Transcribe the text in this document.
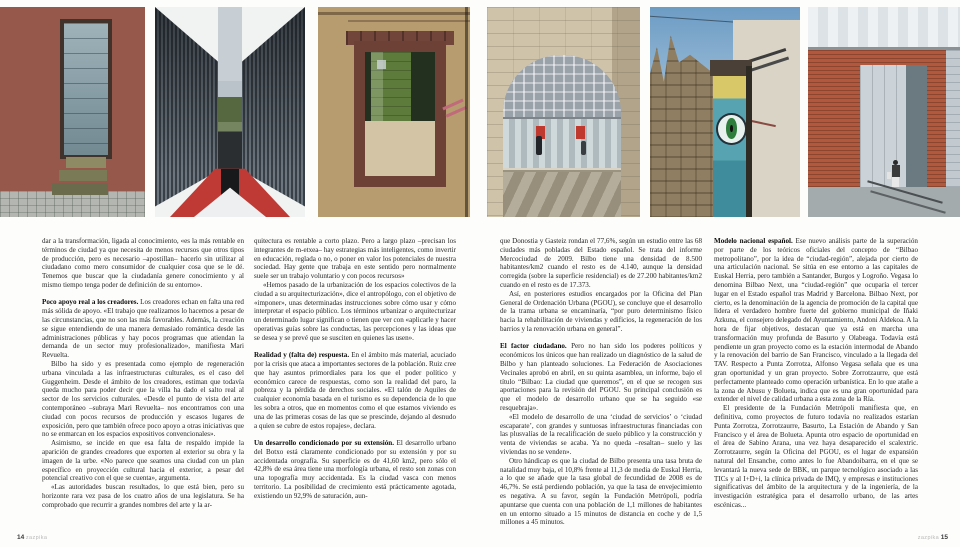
dar a la transformación, ligada al conocimiento, «es la más rentable en términos de ciudad ya que necesita de menos recursos que otros tipos de producción, pero es necesario –apostillan– hacerlo sin utilizar al ciudadano como mero consumidor de cualquier cosa que se le dé. Tenemos que buscar que la ciudadanía genere conocimiento y al mismo tiempo tenga poder de definición de su entorno».

Poco apoyo real a los creadores. Los creadores echan en falta una red más sólida de apoyo. «El trabajo que realizamos lo hacemos a pesar de las circunstancias, que no son las más favorables. Además, la creación se sigue entendiendo de una manera demasiado romántica desde las administraciones públicas y hay pocos programas que atiendan la demanda de un sector muy profesionalizado», manifiesta Mari Revuelta.

Bilbo ha sido y es presentada como ejemplo de regeneración urbana vinculada a las infraestructuras culturales, es el caso del Guggenheim. Desde el ámbito de los creadores, estiman que todavía queda mucho para poder decir que la villa ha dado el salto real al sector de los servicios culturales. «Desde el punto de vista del arte contemporáneo –subraya Mari Revuelta– nos encontramos con una ciudad con pocos recursos de producción y escasos lugares de exposición, pero que también ofrece poco apoyo a otras iniciativas que no se enmarcan en los espacios expositivos convencionales».

Asimismo, se incide en que esa falta de respaldo impide la aparición de grandes creadores que exporten al exterior su obra y la imagen de la urbe. «No parece que seamos una ciudad con un plan específico en proyección cultural hacia el exterior, a pesar del potencial creativo con el que se cuenta», argumenta.

«Las autoridades buscan resultados, lo que está bien, pero su horizonte rara vez pasa de los cuatro años de una legislatura. Se ha comprobado que recurrir a grandes nombres del arte y la ar-

quitectura es rentable a corto plazo. Pero a largo plazo –precisan los integrantes de m-etxea– hay estrategias más inteligentes, como invertir en educación, reglada o no, o poner en valor los potenciales de nuestra sociedad. Hay gente que trabaja en este sentido pero normalmente suele ser un trabajo voluntario y con pocos recursos»

«Hemos pasado de la urbanización de los espacios colectivos de la ciudad a su arquitecturización», dice el antropólogo, con el objetivo de «imponer», unas determinadas instrucciones sobre cómo usar y cómo interpretar el espacio público. Los términos urbanizar o arquitecturizar un determinado lugar significan o tienen que ver con «aplicarle y hacer operativas guías sobre las conductas, las percepciones y las ideas que se desea y se prevé que se susciten en quienes las usen».

Realidad y (falta de) respuesta. En el ámbito más material, acuciado por la crisis que ataca a importantes sectores de la población. Ruiz cree que hay asuntos primordiales para los que el poder político y económico carece de respuestas, como son la realidad del paro, la pobreza y la pérdida de derechos sociales. «El talón de Aquiles de cualquier economía basada en el turismo es su dependencia de lo que les sobra a otros, que en momentos como el que estamos viviendo es una de las primeras cosas de las que se prescinde, dejando al desnudo a quien se cubre de estos ropajes», declara.

Un desarrollo condicionado por su extensión. El desarrollo urbano del Botxo está claramente condicionado por su extensión y por su accidentada orografía. Su superficie es de 41,60 km2, pero sólo el 42,8% de esa área tiene una morfología urbana, el resto son zonas con una topografía muy accidentada. Es la ciudad vasca con menos territorio. La posibilidad de crecimiento está prácticamente agotada, existiendo un 92,9% de saturación, aun-

que Donostia y Gasteiz rondan el 77,6%, según un estudio entre las 68 ciudades más pobladas del Estado español. Se trata del informe Mercociudad de 2009. Bilbo tiene una densidad de 8.500 habitantes/km2 cuando el resto es de 4.140, aunque la densidad corregida (sobre la superficie residencial) es de 27.200 habitantes/km2 cuando en el resto es de 17.373.

Así, en posteriores estudios encargados por la Oficina del Plan General de Ordenación Urbana (PGOU), se concluye que el desarrollo de la trama urbana se encaminaría, “por puro determinismo físico hacia la rehabilitación de viviendas y edificios, la regeneración de los barrios y la renovación urbana en general”.

El factor ciudadano. Pero no han sido los poderes políticos y económicos los únicos que han realizado un diagnóstico de la salud de Bilbo y han planteado soluciones. La Federación de Asociaciones Vecinales aprobó en abril, en su quinta asamblea, un informe, bajo el título “Bilbao: La ciudad que queremos”, en el que se recogen sus aportaciones para la revisión del PGOU. Su principal conclusión es que el modelo de desarrollo urbano que se ha seguido «se resquebraja».

«El modelo de desarrollo de una ‘ciudad de servicios’ o ‘ciudad escaparate’, con grandes y suntuosas infraestructuras financiadas con las plusvalías de la recalificación de suelo público y la construcción y venta de viviendas se acaba. Ya no queda –resaltan– suelo y las viviendas no se venden».

Otro hándicap es que la ciudad de Bilbo presenta una tasa bruta de natalidad muy baja, el 10,8% frente al 11,3 de media de Euskal Herria, a lo que se añade que la tasa global de fecundidad de 2008 es de 46,7%. Se está perdiendo población, ya que la tasa de envejecimiento es negativa. A su favor, según la Fundación Metrópoli, podría apuntarse que cuenta con una población de 1,1 millones de habitantes en un entorno situado a 15 minutos de distancia en coche y de 1,5 millones a 45 minutos.

Modelo nacional español. Ese nuevo análisis parte de la superación por parte de los teóricos oficiales del concepto de “Bilbao metropolitano”, por la idea de “ciudad-región”, alejada por cierto de una articulación nacional. Se sitúa en ese entorno a las capitales de Euskal Herria, pero también a Santander, Burgos y Logroño. Vegasa lo denomina Bilbao Next, una “ciudad-región” que ocuparía el tercer lugar en el Estado español tras Madrid y Barcelona. Bilbao Next, por cierto, es la denominación de la agencia de promoción de la capital que lidera el verdadero hombre fuerte del gobierno municipal de Iñaki Azkuna, el consejero delegado del Ayuntamiento, Andoni Aldekoa. A la hora de fijar objetivos, destacan que ya está en marcha una transformación muy profunda de Basurto y Olabeaga. Todavía está pendiente un gran proyecto como es la estación intermodal de Abando y la renovación del barrio de San Francisco, vinculado a la llegada del TAV. Respecto a Punta Zorrotza, Alfonso Vegasa señala que es una gran oportunidad y un gran proyecto. Sobre Zorrotzaurre, que está perfectamente planteado como operación urbanística. En lo que atañe a la zona de Abusu y Bolueta, indica que es una gran oportunidad para extender el nivel de calidad urbana a esta zona de la Ría.

El presidente de la Fundación Metrópoli manifiesta que, en definitiva, como proyectos de futuro todavía no realizados estarían Punta Zorrotza, Zorrotzaurre, Basurto, La Estación de Abando y San Francisco y el área de Bolueta. Apunta otro espacio de oportunidad en el área de Sabino Arana, una vez haya desaparecido el scalextric. Zorrotzaurre, según la Oficina del PGOU, es el lugar de expansión natural del Ensanche, como antes lo fue Abandoibarra, en el que se levantará la nueva sede de BBK, un parque tecnológico asociado a las TICs y al I+D+i, la clínica privada de IMQ, y empresas e instituciones significativas del ámbito de la arquitectura y de la ingeniería, de la investigación estratégica para el desarrollo urbano, de las artes escénicas...

14 zazpika	zazpika 15
